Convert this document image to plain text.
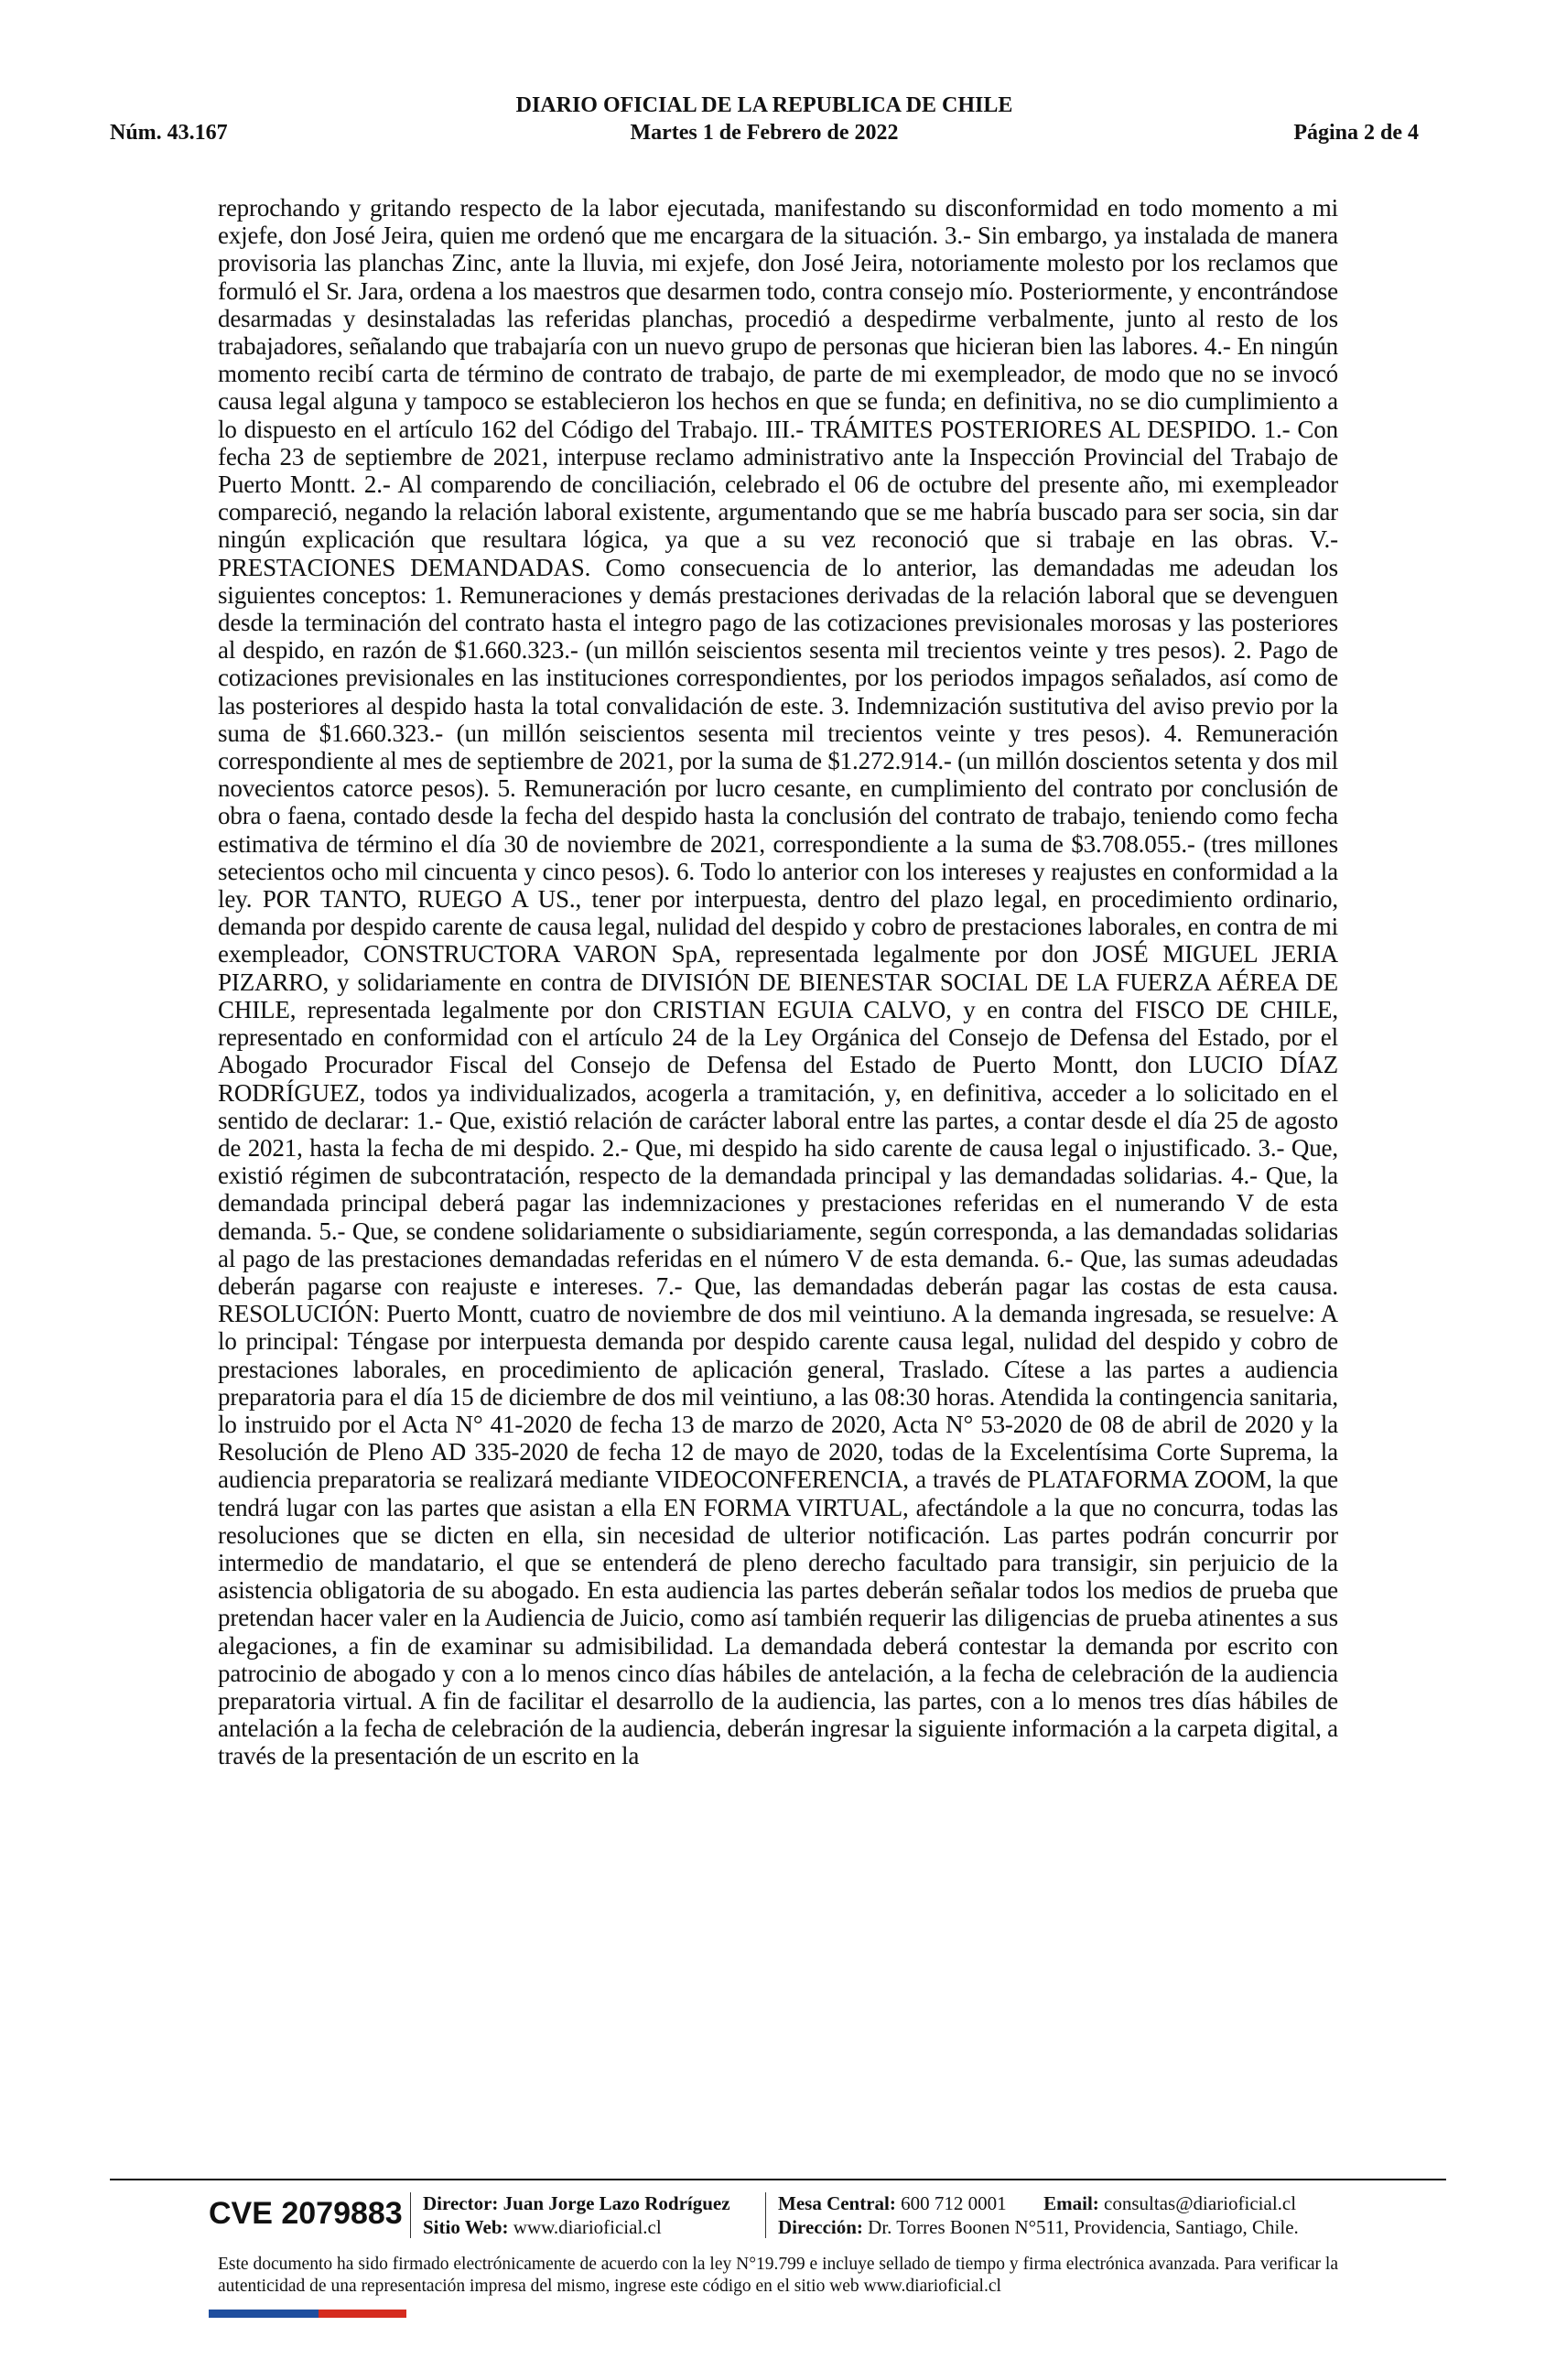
DIARIO OFICIAL DE LA REPUBLICA DE CHILE
Martes 1 de Febrero de 2022
Núm. 43.167	Página 2 de 4

reprochando y gritando respecto de la labor ejecutada, manifestando su disconformidad en todo momento a mi exjefe, don José Jeira, quien me ordenó que me encargara de la situación. 3.- Sin embargo, ya instalada de manera provisoria las planchas Zinc, ante la lluvia, mi exjefe, don José Jeira, notoriamente molesto por los reclamos que formuló el Sr. Jara, ordena a los maestros que desarmen todo, contra consejo mío. Posteriormente, y encontrándose desarmadas y desinstaladas las referidas planchas, procedió a despedirme verbalmente, junto al resto de los trabajadores, señalando que trabajaría con un nuevo grupo de personas que hicieran bien las labores. 4.- En ningún momento recibí carta de término de contrato de trabajo, de parte de mi exempleador, de modo que no se invocó causa legal alguna y tampoco se establecieron los hechos en que se funda; en definitiva, no se dio cumplimiento a lo dispuesto en el artículo 162 del Código del Trabajo. III.- TRÁMITES POSTERIORES AL DESPIDO. 1.- Con fecha 23 de septiembre de 2021, interpuse reclamo administrativo ante la Inspección Provincial del Trabajo de Puerto Montt. 2.- Al comparendo de conciliación, celebrado el 06 de octubre del presente año, mi exempleador compareció, negando la relación laboral existente, argumentando que se me habría buscado para ser socia, sin dar ningún explicación que resultara lógica, ya que a su vez reconoció que si trabaje en las obras. V.- PRESTACIONES DEMANDADAS. Como consecuencia de lo anterior, las demandadas me adeudan los siguientes conceptos: 1. Remuneraciones y demás prestaciones derivadas de la relación laboral que se devenguen desde la terminación del contrato hasta el integro pago de las cotizaciones previsionales morosas y las posteriores al despido, en razón de $1.660.323.- (un millón seiscientos sesenta mil trecientos veinte y tres pesos). 2. Pago de cotizaciones previsionales en las instituciones correspondientes, por los periodos impagos señalados, así como de las posteriores al despido hasta la total convalidación de este. 3. Indemnización sustitutiva del aviso previo por la suma de $1.660.323.- (un millón seiscientos sesenta mil trecientos veinte y tres pesos). 4. Remuneración correspondiente al mes de septiembre de 2021, por la suma de $1.272.914.- (un millón doscientos setenta y dos mil novecientos catorce pesos). 5. Remuneración por lucro cesante, en cumplimiento del contrato por conclusión de obra o faena, contado desde la fecha del despido hasta la conclusión del contrato de trabajo, teniendo como fecha estimativa de término el día 30 de noviembre de 2021, correspondiente a la suma de $3.708.055.- (tres millones setecientos ocho mil cincuenta y cinco pesos). 6. Todo lo anterior con los intereses y reajustes en conformidad a la ley. POR TANTO, RUEGO A US., tener por interpuesta, dentro del plazo legal, en procedimiento ordinario, demanda por despido carente de causa legal, nulidad del despido y cobro de prestaciones laborales, en contra de mi exempleador, CONSTRUCTORA VARON SpA, representada legalmente por don JOSÉ MIGUEL JERIA PIZARRO, y solidariamente en contra de DIVISIÓN DE BIENESTAR SOCIAL DE LA FUERZA AÉREA DE CHILE, representada legalmente por don CRISTIAN EGUIA CALVO, y en contra del FISCO DE CHILE, representado en conformidad con el artículo 24 de la Ley Orgánica del Consejo de Defensa del Estado, por el Abogado Procurador Fiscal del Consejo de Defensa del Estado de Puerto Montt, don LUCIO DÍAZ RODRÍGUEZ, todos ya individualizados, acogerla a tramitación, y, en definitiva, acceder a lo solicitado en el sentido de declarar: 1.- Que, existió relación de carácter laboral entre las partes, a contar desde el día 25 de agosto de 2021, hasta la fecha de mi despido. 2.- Que, mi despido ha sido carente de causa legal o injustificado. 3.- Que, existió régimen de subcontratación, respecto de la demandada principal y las demandadas solidarias. 4.- Que, la demandada principal deberá pagar las indemnizaciones y prestaciones referidas en el numerando V de esta demanda. 5.- Que, se condene solidariamente o subsidiariamente, según corresponda, a las demandadas solidarias al pago de las prestaciones demandadas referidas en el número V de esta demanda. 6.- Que, las sumas adeudadas deberán pagarse con reajuste e intereses. 7.- Que, las demandadas deberán pagar las costas de esta causa. RESOLUCIÓN: Puerto Montt, cuatro de noviembre de dos mil veintiuno. A la demanda ingresada, se resuelve: A lo principal: Téngase por interpuesta demanda por despido carente causa legal, nulidad del despido y cobro de prestaciones laborales, en procedimiento de aplicación general, Traslado. Cítese a las partes a audiencia preparatoria para el día 15 de diciembre de dos mil veintiuno, a las 08:30 horas. Atendida la contingencia sanitaria, lo instruido por el Acta N° 41-2020 de fecha 13 de marzo de 2020, Acta N° 53-2020 de 08 de abril de 2020 y la Resolución de Pleno AD 335-2020 de fecha 12 de mayo de 2020, todas de la Excelentísima Corte Suprema, la audiencia preparatoria se realizará mediante VIDEOCONFERENCIA, a través de PLATAFORMA ZOOM, la que tendrá lugar con las partes que asistan a ella EN FORMA VIRTUAL, afectándole a la que no concurra, todas las resoluciones que se dicten en ella, sin necesidad de ulterior notificación. Las partes podrán concurrir por intermedio de mandatario, el que se entenderá de pleno derecho facultado para transigir, sin perjuicio de la asistencia obligatoria de su abogado. En esta audiencia las partes deberán señalar todos los medios de prueba que pretendan hacer valer en la Audiencia de Juicio, como así también requerir las diligencias de prueba atinentes a sus alegaciones, a fin de examinar su admisibilidad. La demandada deberá contestar la demanda por escrito con patrocinio de abogado y con a lo menos cinco días hábiles de antelación, a la fecha de celebración de la audiencia preparatoria virtual. A fin de facilitar el desarrollo de la audiencia, las partes, con a lo menos tres días hábiles de antelación a la fecha de celebración de la audiencia, deberán ingresar la siguiente información a la carpeta digital, a través de la presentación de un escrito en la

CVE 2079883 Director: Juan Jorge Lazo Rodríguez
Sitio Web: www.diarioficial.cl
Mesa Central: 600 712 0001 Email: consultas@diarioficial.cl
Dirección: Dr. Torres Boonen N°511, Providencia, Santiago, Chile.
Este documento ha sido firmado electrónicamente de acuerdo con la ley N°19.799 e incluye sellado de tiempo y firma electrónica avanzada. Para verificar la autenticidad de una representación impresa del mismo, ingrese este código en el sitio web www.diarioficial.cl
